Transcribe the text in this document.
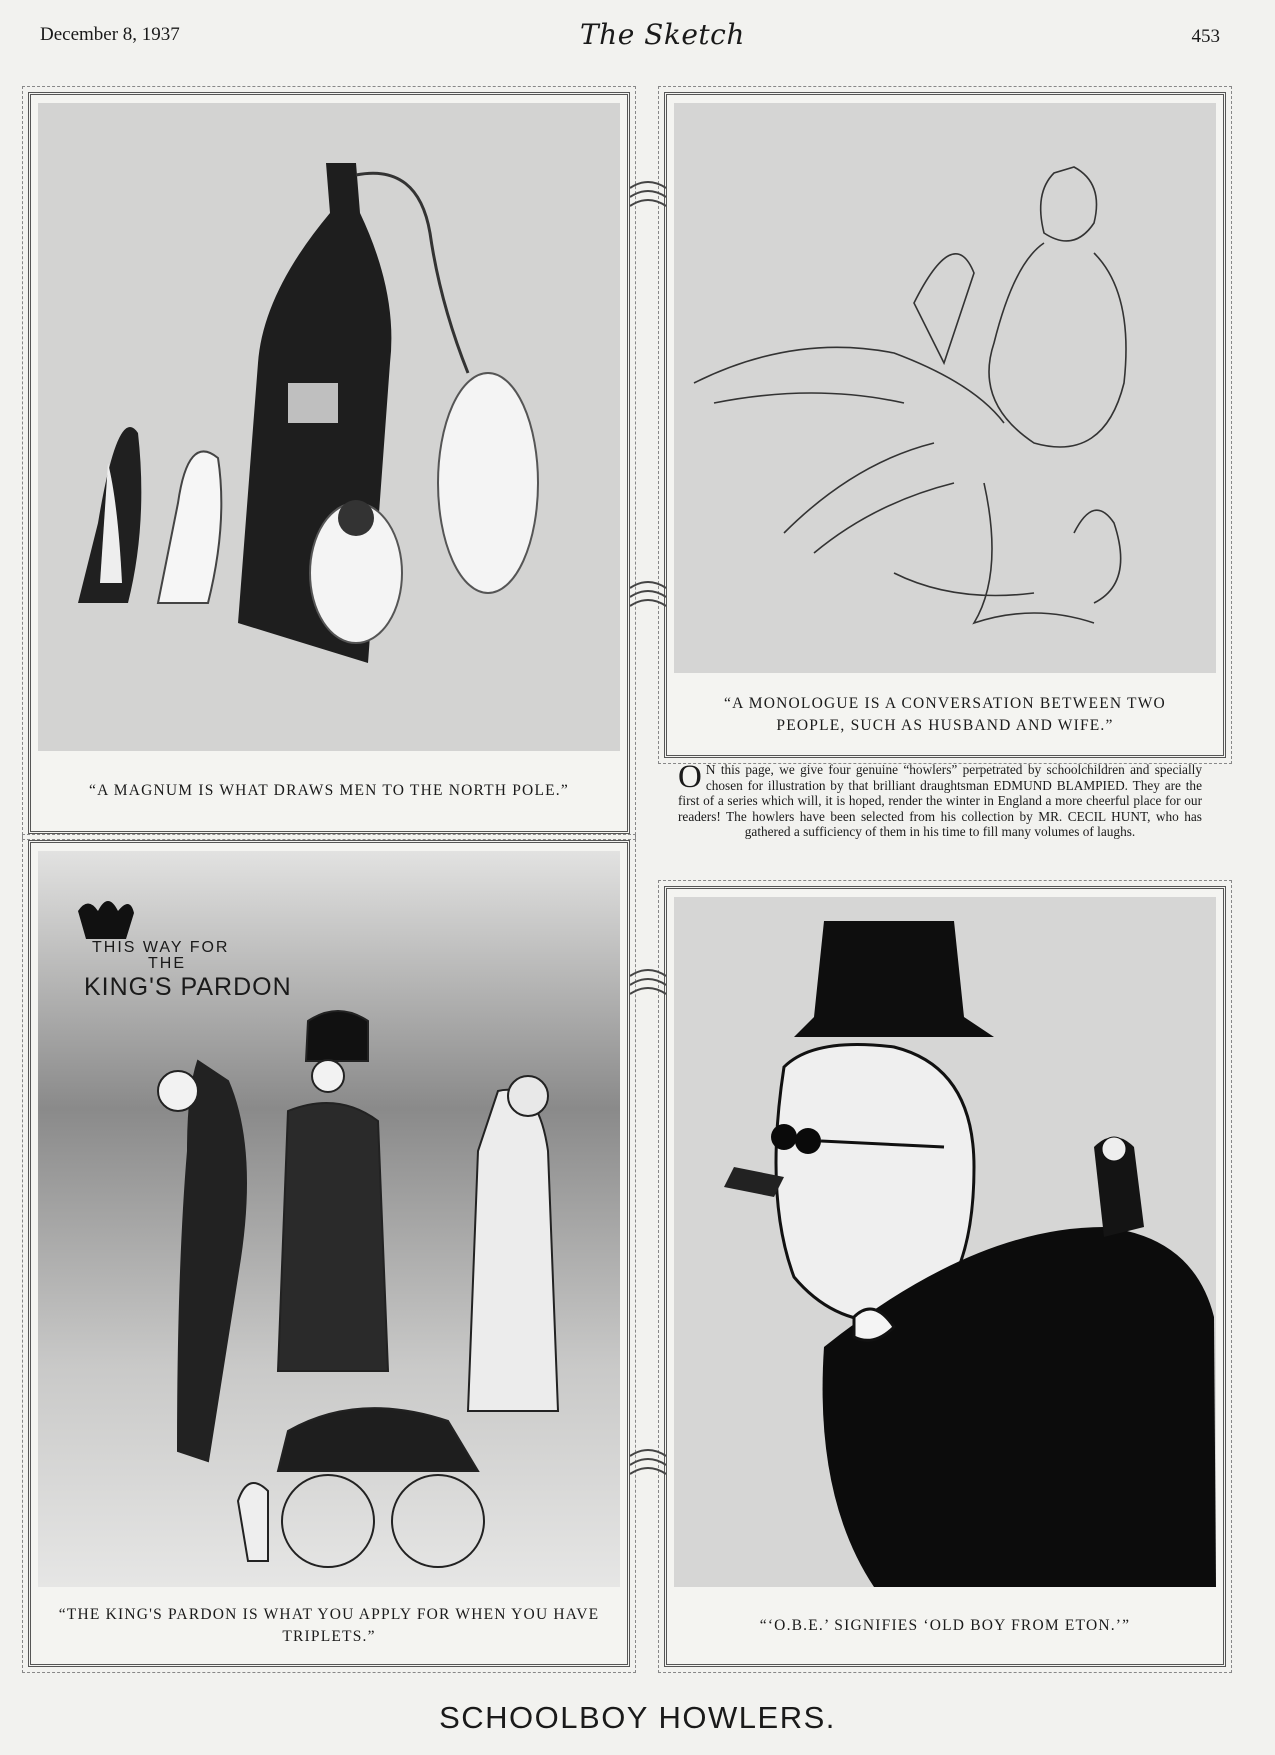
December 8, 1937	The Sketch	453
“A MAGNUM IS WHAT DRAWS MEN TO THE NORTH POLE.”
“A MONOLOGUE IS A CONVERSATION BETWEEN TWO PEOPLE, SUCH AS HUSBAND AND WIFE.”
O N this page, we give four genuine “howlers” perpetrated by schoolchildren and specially chosen for illustration by that brilliant draughtsman EDMUND BLAMPIED. They are the first of a series which will, it is hoped, render the winter in England a more cheerful place for our readers! The howlers have been selected from his collection by MR. CECIL HUNT, who has gathered a sufficiency of them in his time to fill many volumes of laughs.
THIS WAY FOR
THE
KING'S PARDON
“THE KING'S PARDON IS WHAT YOU APPLY FOR WHEN YOU HAVE TRIPLETS.”
“‘O.B.E.’ SIGNIFIES ‘OLD BOY FROM ETON.’”
SCHOOLBOY HOWLERS.
